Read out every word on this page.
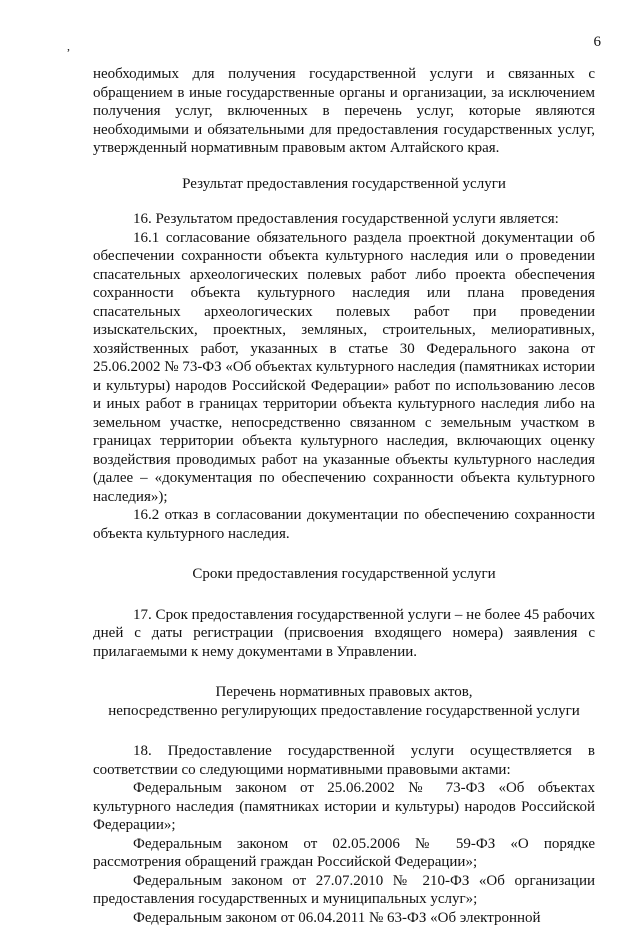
6
,

необходимых для получения государственной услуги и связанных с обращением в иные государственные органы и организации, за исключением получения услуг, включенных в перечень услуг, которые являются необходимыми и обязательными для предоставления государственных услуг, утвержденный нормативным правовым актом Алтайского края.

Результат предоставления государственной услуги

16. Результатом предоставления государственной услуги является:

16.1 согласование обязательного раздела проектной документации об обеспечении сохранности объекта культурного наследия или о проведении спасательных археологических полевых работ либо проекта обеспечения сохранности объекта культурного наследия или плана проведения спасательных археологических полевых работ при проведении изыскательских, проектных, земляных, строительных, мелиоративных, хозяйственных работ, указанных в статье 30 Федерального закона от 25.06.2002 № 73-ФЗ «Об объектах культурного наследия (памятниках истории и культуры) народов Российской Федерации» работ по использованию лесов и иных работ в границах территории объекта культурного наследия либо на земельном участке, непосредственно связанном с земельным участком в границах территории объекта культурного наследия, включающих оценку воздействия проводимых работ на указанные объекты культурного наследия (далее – «документация по обеспечению сохранности объекта культурного наследия»);

16.2 отказ в согласовании документации по обеспечению сохранности объекта культурного наследия.

Сроки предоставления государственной услуги

17. Срок предоставления государственной услуги – не более 45 рабочих дней с даты регистрации (присвоения входящего номера) заявления с прилагаемыми к нему документами в Управлении.

Перечень нормативных правовых актов,

непосредственно регулирующих предоставление государственной услуги

18. Предоставление государственной услуги осуществляется в соответствии со следующими нормативными правовыми актами:

Федеральным законом от 25.06.2002 № 73-ФЗ «Об объектах культурного наследия (памятниках истории и культуры) народов Российской Федерации»;

Федеральным законом от 02.05.2006 № 59-ФЗ «О порядке рассмотрения обращений граждан Российской Федерации»;

Федеральным законом от 27.07.2010 № 210-ФЗ «Об организации предоставления государственных и муниципальных услуг»;

Федеральным законом от 06.04.2011 № 63-ФЗ «Об электронной
